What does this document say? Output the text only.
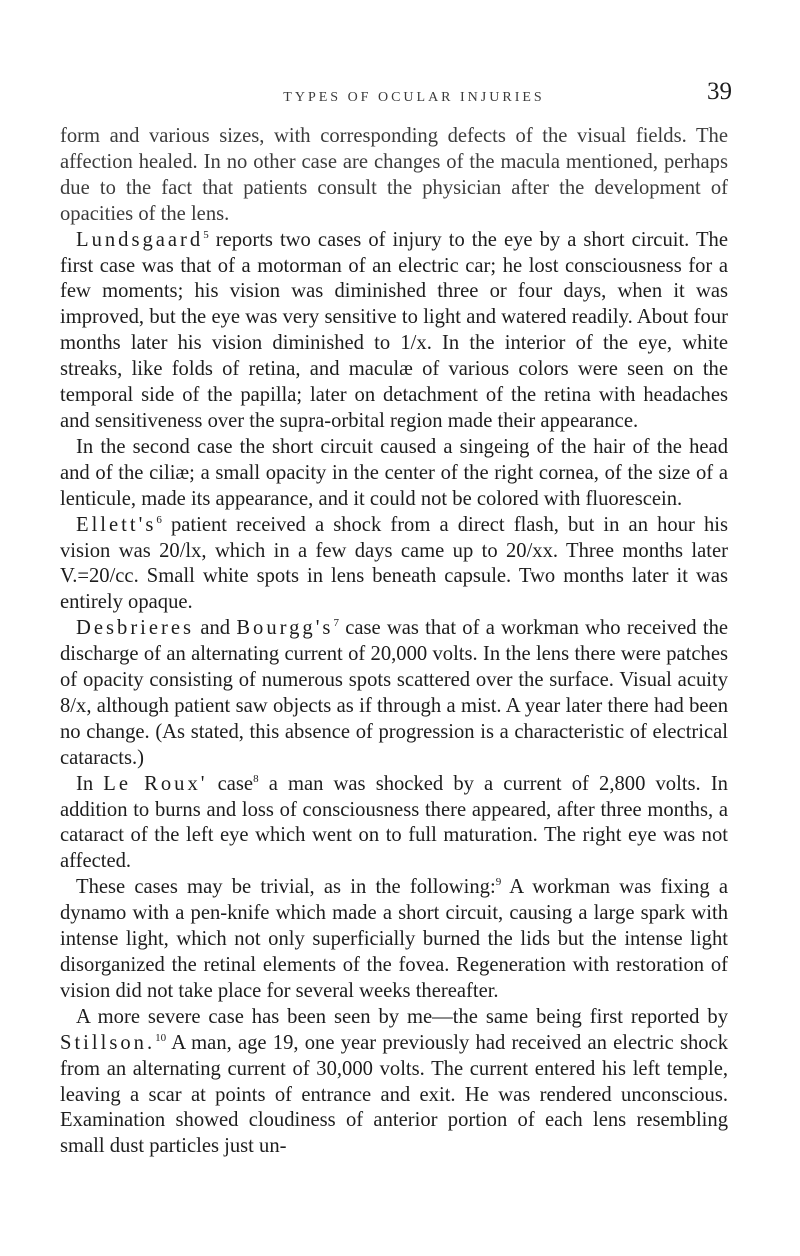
TYPES OF OCULAR INJURIES	39

form and various sizes, with corresponding defects of the visual fields. The affection healed. In no other case are changes of the macula mentioned, perhaps due to the fact that patients consult the physician after the development of opacities of the lens.

Lundsgaard$^5$ reports two cases of injury to the eye by a short circuit. The first case was that of a motorman of an electric car; he lost consciousness for a few moments; his vision was diminished three or four days, when it was improved, but the eye was very sensitive to light and watered readily. About four months later his vision diminished to 1/x. In the interior of the eye, white streaks, like folds of retina, and maculæ of various colors were seen on the temporal side of the papilla; later on detachment of the retina with headaches and sensitiveness over the supra-orbital region made their appearance.

In the second case the short circuit caused a singeing of the hair of the head and of the ciliæ; a small opacity in the center of the right cornea, of the size of a lenticule, made its appearance, and it could not be colored with fluorescein.

$Ellett's^6$ patient received a shock from a direct flash, but in an hour his vision was 20/lx, which in a few days came up to 20/xx. Three months later V.=20/cc. Small white spots in lens beneath capsule. Two months later it was entirely opaque.

Desbrieres and $Bourgg's^7$ case was that of a workman who received the discharge of an alternating current of 20,000 volts. In the lens there were patches of opacity consisting of numerous spots scattered over the surface. Visual acuity 8/x, although patient saw objects as if through a mist. A year later there had been no change. (As stated, this absence of progression is a characteristic of electrical cataracts.)

In Le Roux' case$^8$ a man was shocked by a current of 2,800 volts. In addition to burns and loss of consciousness there appeared, after three months, a cataract of the left eye which went on to full maturation. The right eye was not affected.

These cases may be trivial, as in the following:$^9$ A workman was fixing a dynamo with a pen-knife which made a short circuit, causing a large spark with intense light, which not only superficially burned the lids but the intense light disorganized the retinal elements of the fovea. Regeneration with restoration of vision did not take place for several weeks thereafter.

A more severe case has been seen by me—the same being first reported by Stillson.$^{10}$ A man, age 19, one year previously had received an electric shock from an alternating current of 30,000 volts. The current entered his left temple, leaving a scar at points of entrance and exit. He was rendered unconscious. Examination showed cloudiness of anterior portion of each lens resembling small dust particles just un-
